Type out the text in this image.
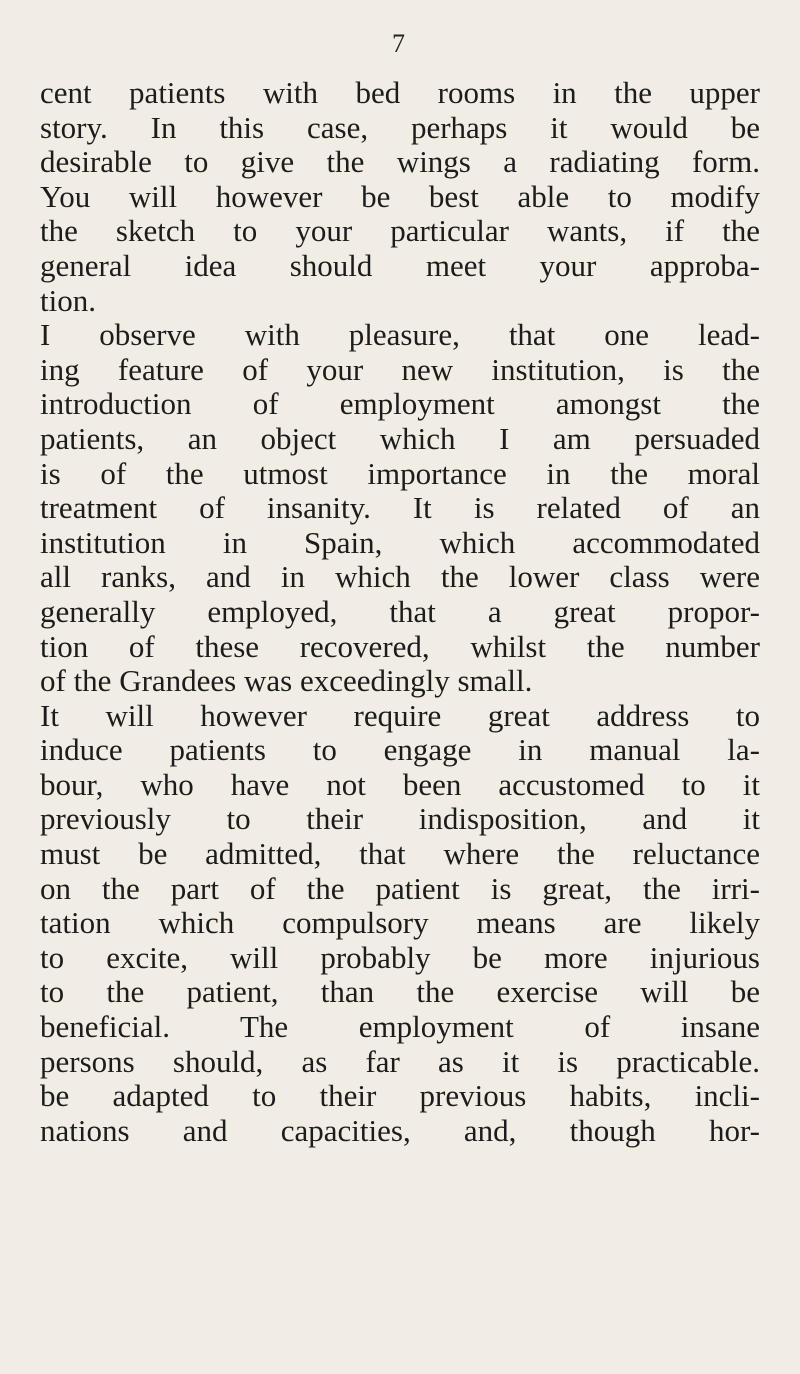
7
cent patients with bed rooms in the upper
story. In this case, perhaps it would be
desirable to give the wings a radiating form.
You will however be best able to modify
the sketch to your particular wants, if the
general idea should meet your approba-
tion.
I observe with pleasure, that one lead-
ing feature of your new institution, is the
introduction of employment amongst the
patients, an object which I am persuaded
is of the utmost importance in the moral
treatment of insanity. It is related of an
institution in Spain, which accommodated
all ranks, and in which the lower class were
generally employed, that a great propor-
tion of these recovered, whilst the number
of the Grandees was exceedingly small.
It will however require great address to
induce patients to engage in manual la-
bour, who have not been accustomed to it
previously to their indisposition, and it
must be admitted, that where the reluctance
on the part of the patient is great, the irri-
tation which compulsory means are likely
to excite, will probably be more injurious
to the patient, than the exercise will be
beneficial. The employment of insane
persons should, as far as it is practicable.
be adapted to their previous habits, incli-
nations and capacities, and, though hor-
